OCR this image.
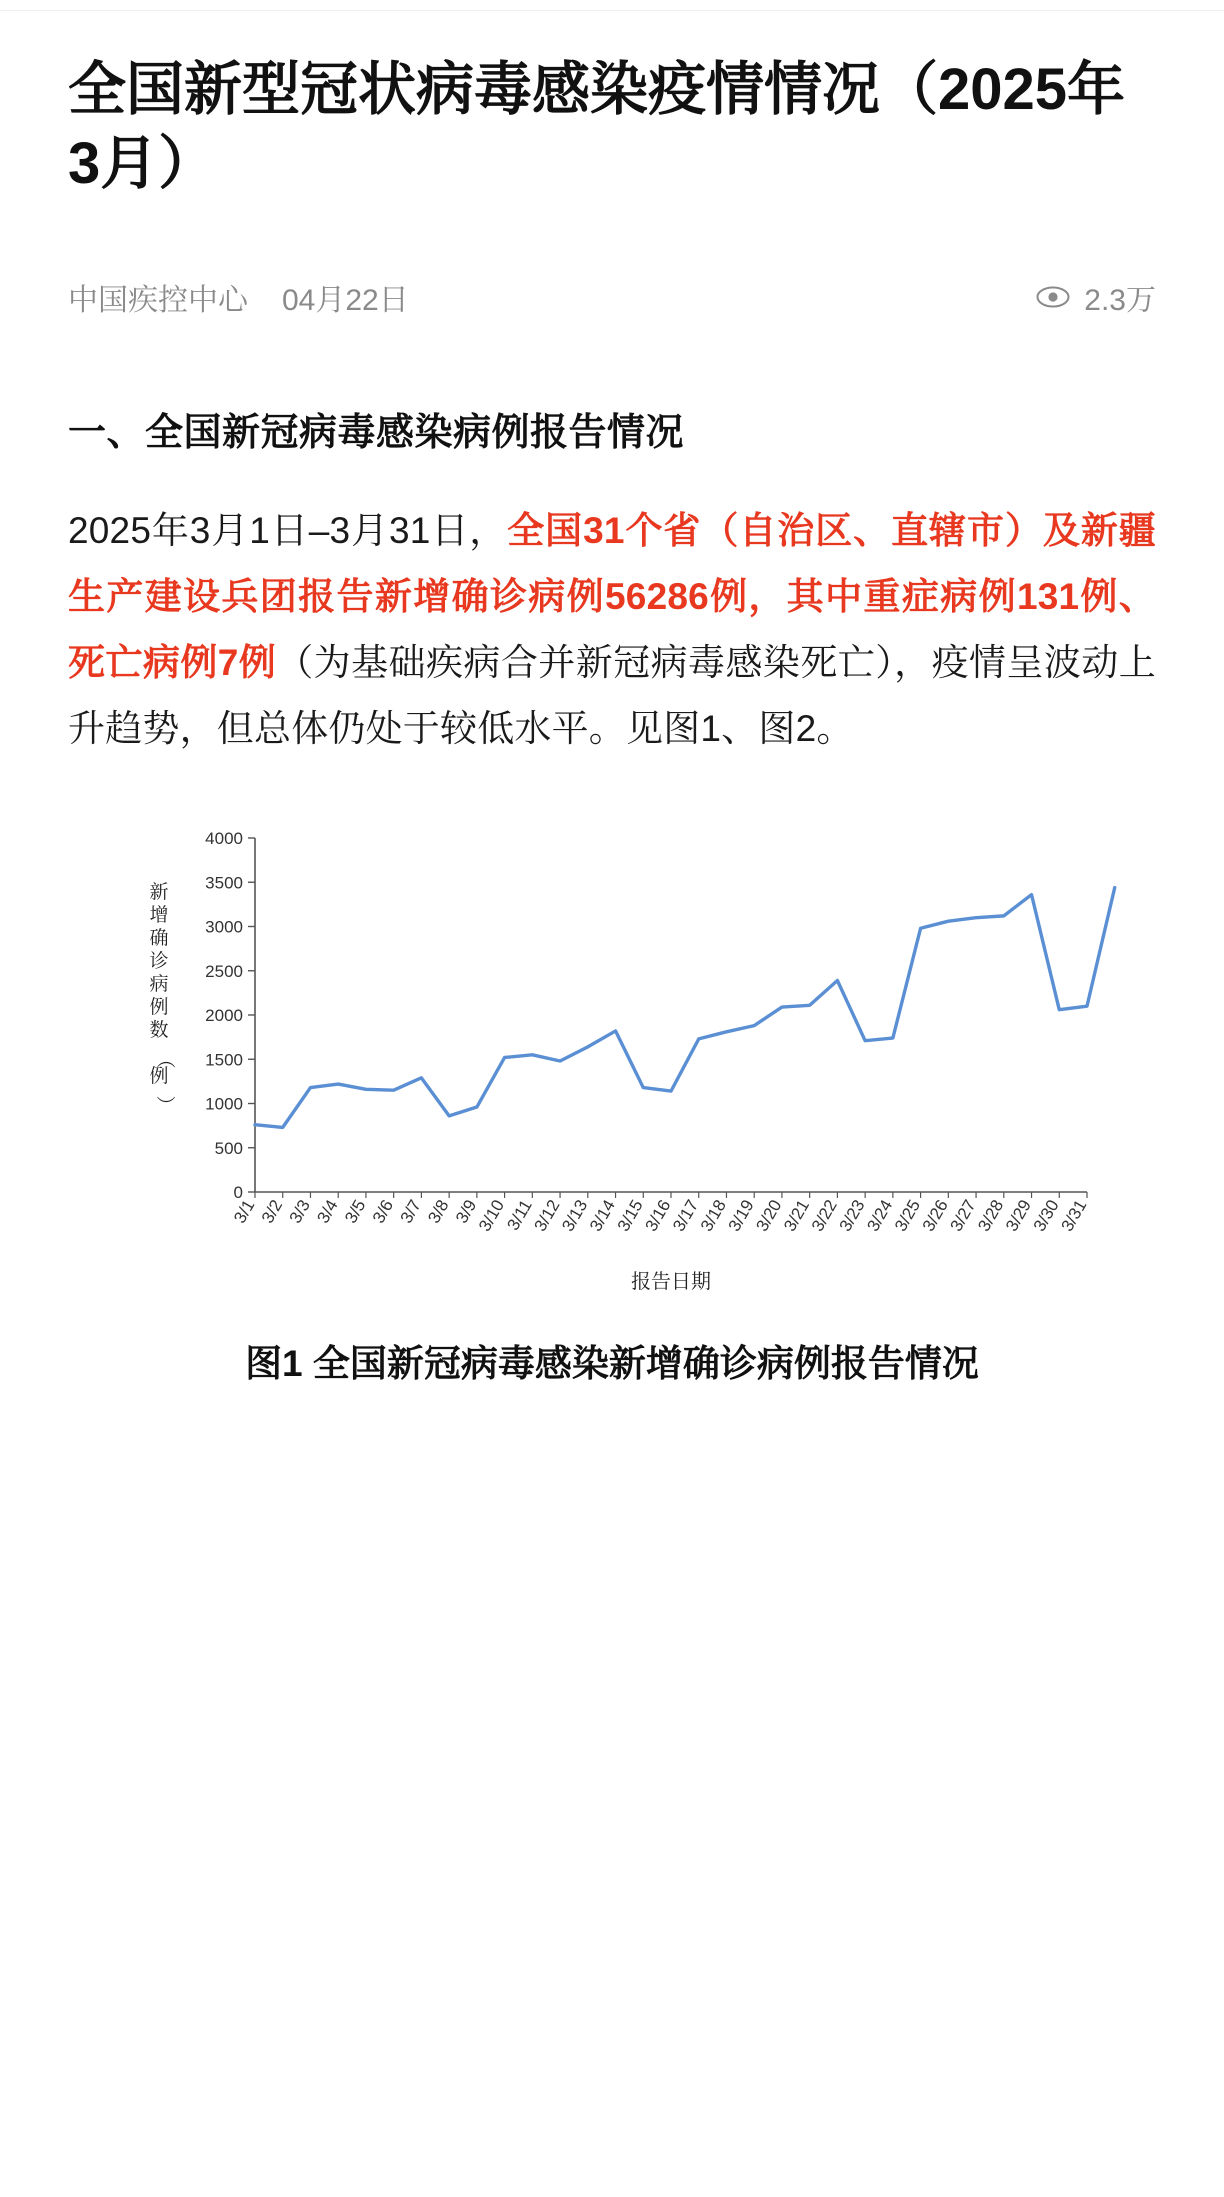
全国新型冠状病毒感染疫情情况（2025年3月）
中国疾控中心 04月22日	2.3万
一、全国新冠病毒感染病例报告情况

2025年3月1日–3月31日，全国31个省（自治区、直辖市）及新疆生产建设兵团报告新增确诊病例56286例，其中重症病例131例、死亡病例7例（为基础疾病合并新冠病毒感染死亡），疫情呈波动上升趋势，但总体仍处于较低水平。见图1、图2。

0
500
1000
1500
2000
2500
3000
3500
4000
3/1 3/2 3/3 3/4 3/5 3/6 3/7 3/8 3/9
3/10
3/11
3/12
3/13
3/14
3/15
3/16
3/17
3/18
3/19
3/20
3/21
3/22
3/23
3/24
3/25
3/26
3/27
3/28
3/29
3/30
3/31
报告日期
新
增
确
诊
病
例
数
（
例
）
图1 全国新冠病毒感染新增确诊病例报告情况
